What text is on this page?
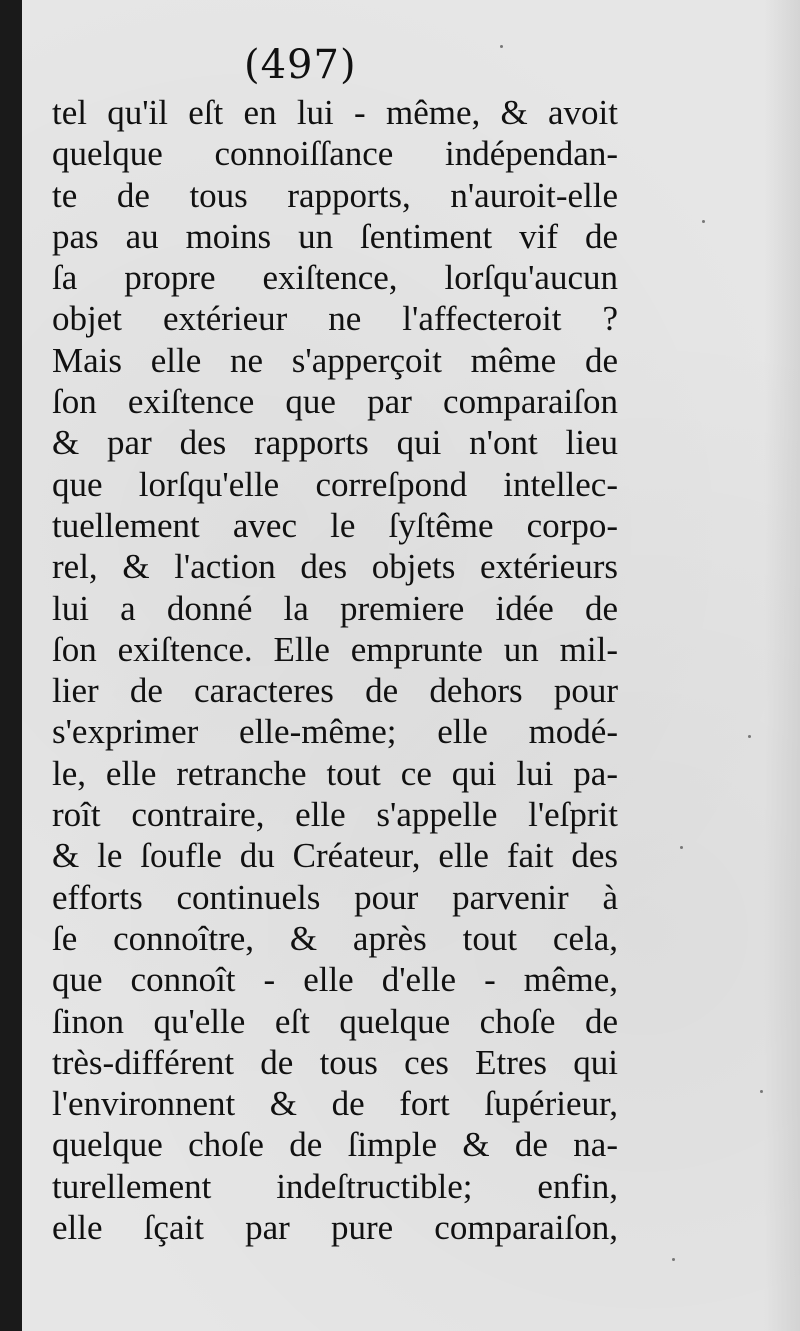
(497)
tel qu'il eſt en lui - même, & avoit
quelque connoiſſance indépendan-
te de tous rapports, n'auroit-elle
pas au moins un ſentiment vif de
ſa propre exiſtence, lorſqu'aucun
objet extérieur ne l'affecteroit ?
Mais elle ne s'apperçoit même de
ſon exiſtence que par comparaiſon
& par des rapports qui n'ont lieu
que lorſqu'elle correſpond intellec-
tuellement avec le ſyſtême corpo-
rel, & l'action des objets extérieurs
lui a donné la premiere idée de
ſon exiſtence. Elle emprunte un mil-
lier de caracteres de dehors pour
s'exprimer elle-même; elle modé-
le, elle retranche tout ce qui lui pa-
roît contraire, elle s'appelle l'eſprit
& le ſoufle du Créateur, elle fait des
efforts continuels pour parvenir à
ſe connoître, & après tout cela,
que connoît - elle d'elle - même,
ſinon qu'elle eſt quelque choſe de
très-différent de tous ces Etres qui
l'environnent & de fort ſupérieur,
quelque choſe de ſimple & de na-
turellement indeſtructible; enfin,
elle ſçait par pure comparaiſon,
